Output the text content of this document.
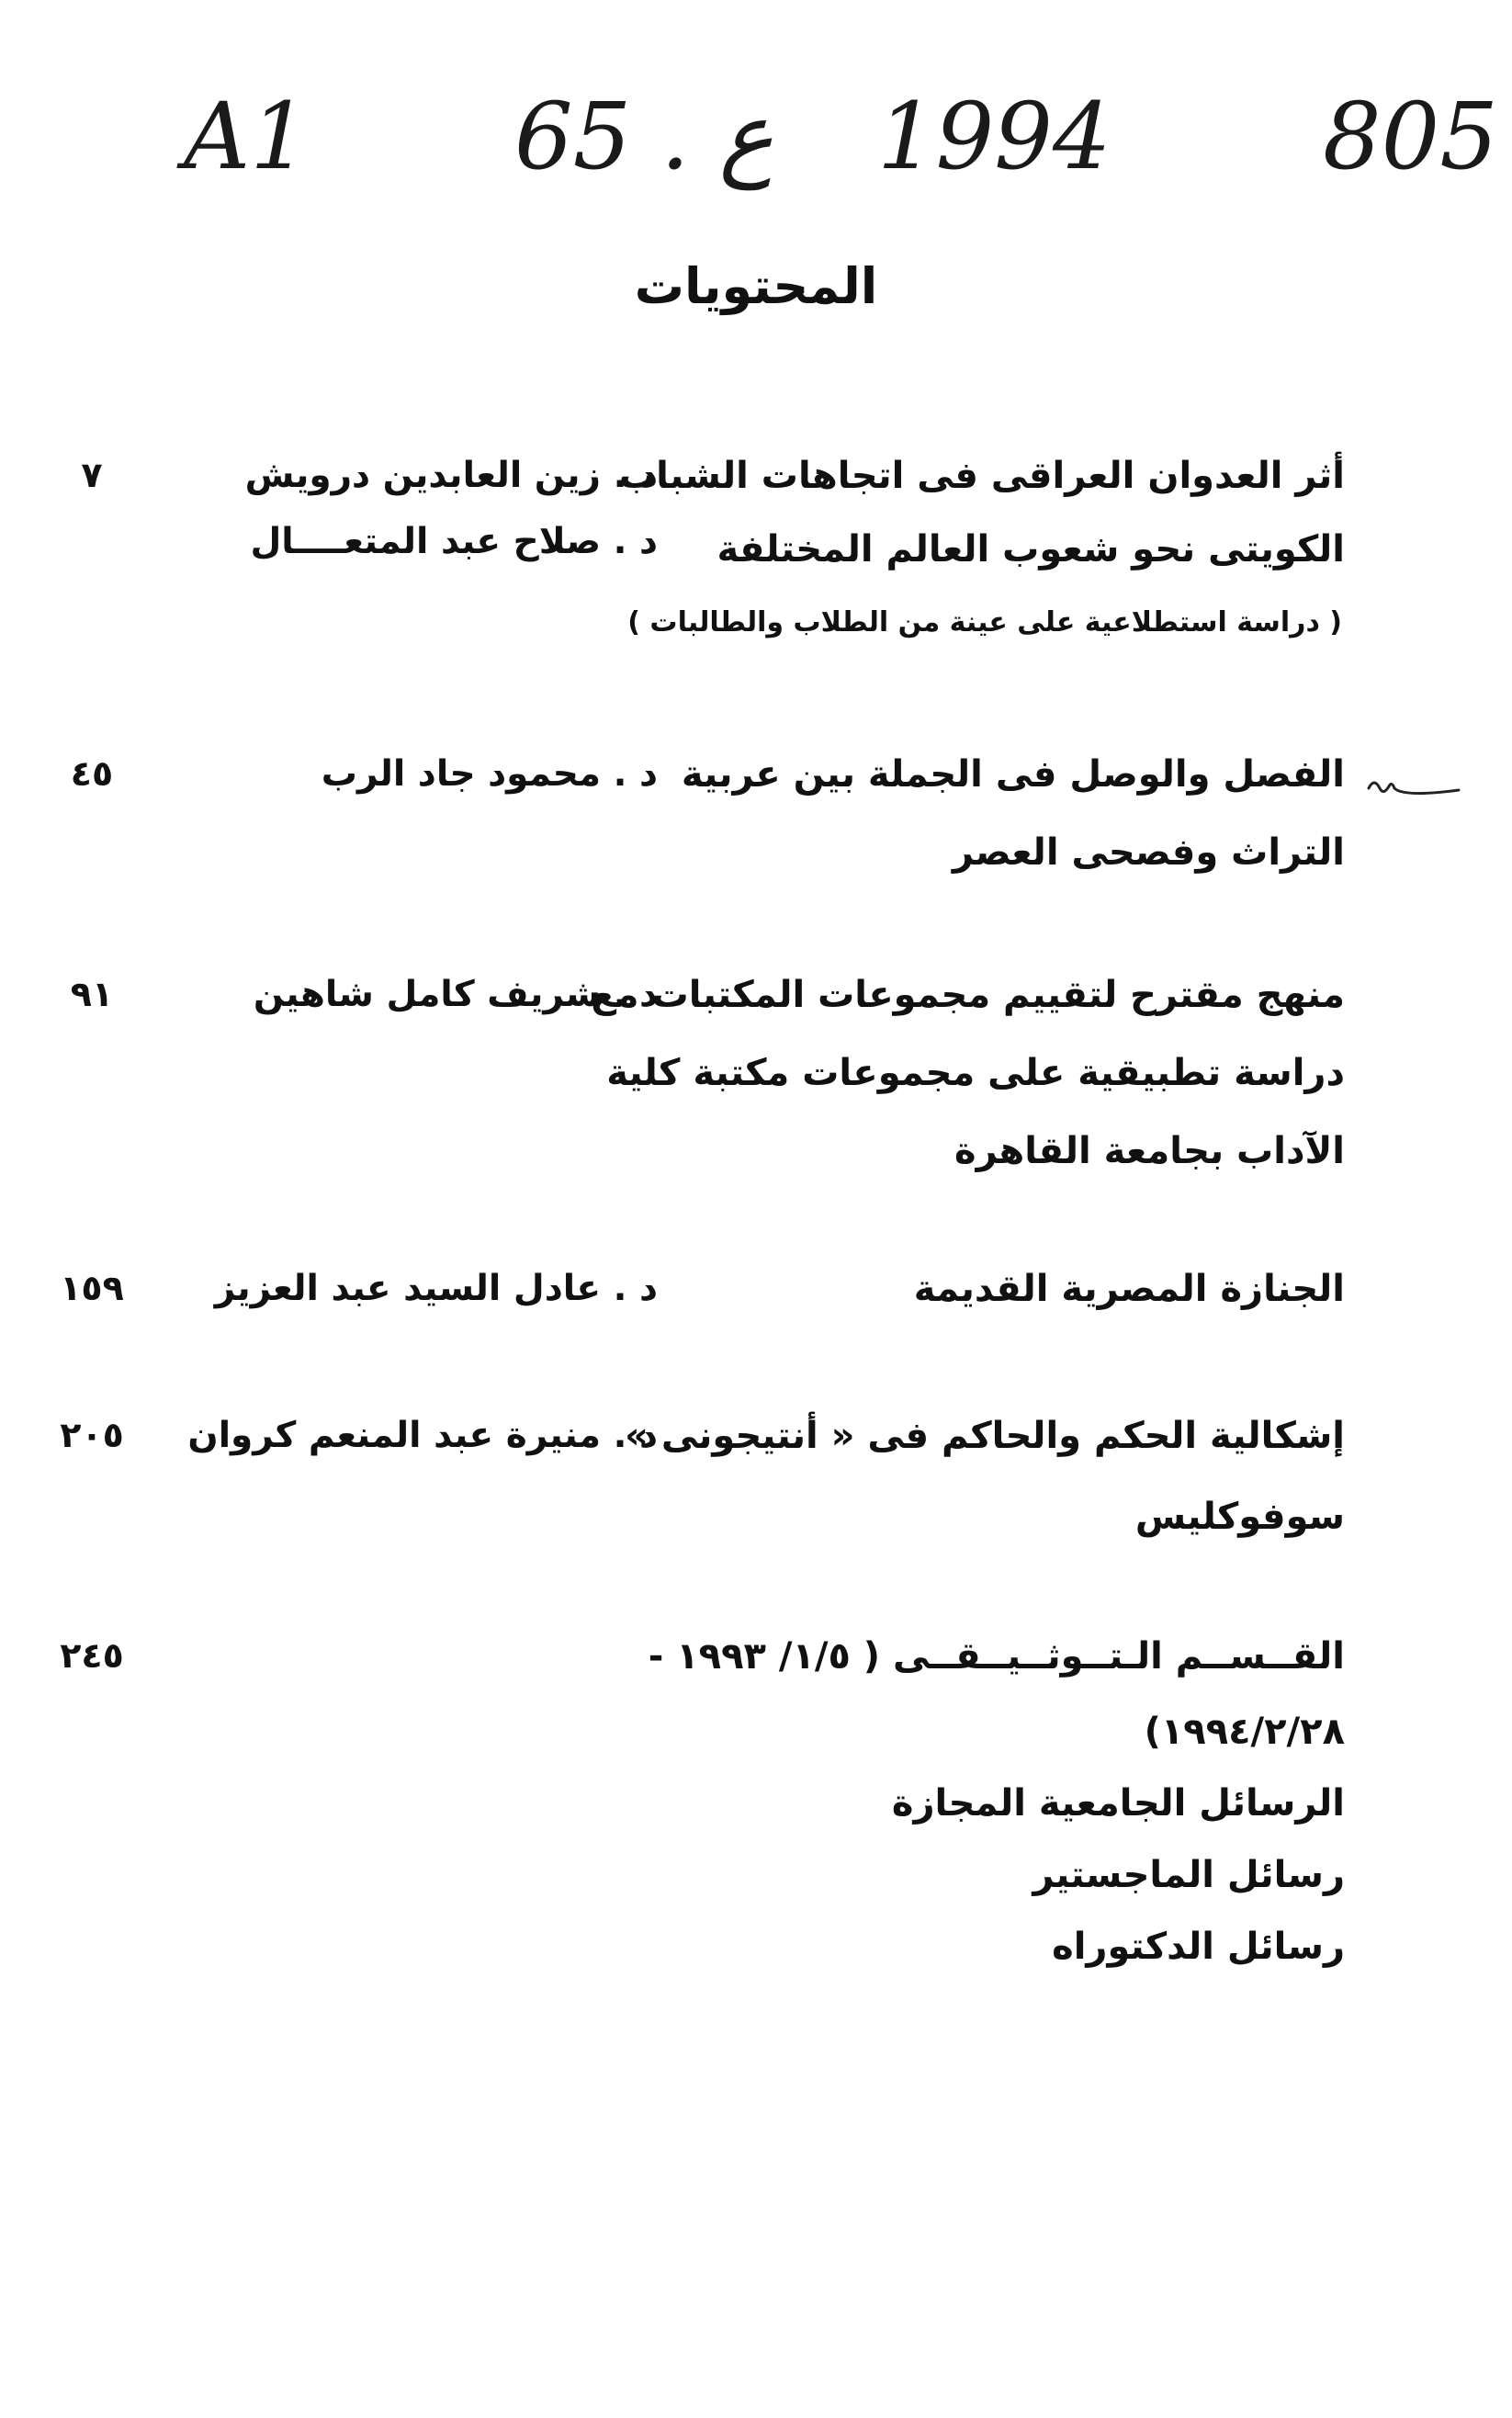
A1 65 . ع 1994 805
المحتويات
أثر العدوان العراقى فى اتجاهات الشباب
الكويتى نحو شعوب العالم المختلفة
( دراسة استطلاعية على عينة من الطلاب والطالبات )
د . زين العابدين درويش
د . صلاح عبد المتعــــال
٧
الفصل والوصل فى الجملة بين عربية
التراث وفصحى العصر
د . محمود جاد الرب
٤٥
منهج مقترح لتقييم مجموعات المكتبات مع
دراسة تطبيقية على مجموعات مكتبة كلية
الآداب بجامعة القاهرة
د . شريف كامل شاهين
٩١
الجنازة المصرية القديمة
د . عادل السيد عبد العزيز
١٥٩
إشكالية الحكم والحاكم فى « أنتيجونى »
سوفوكليس
د . منيرة عبد المنعم كروان
٢٠٥
القــســم الـتــوثــيــقــى ( ١/٥/ ١٩٩٣ -
١٩٩٤/٢/٢٨)
الرسائل الجامعية المجازة
رسائل الماجستير
رسائل الدكتوراه
٢٤٥
